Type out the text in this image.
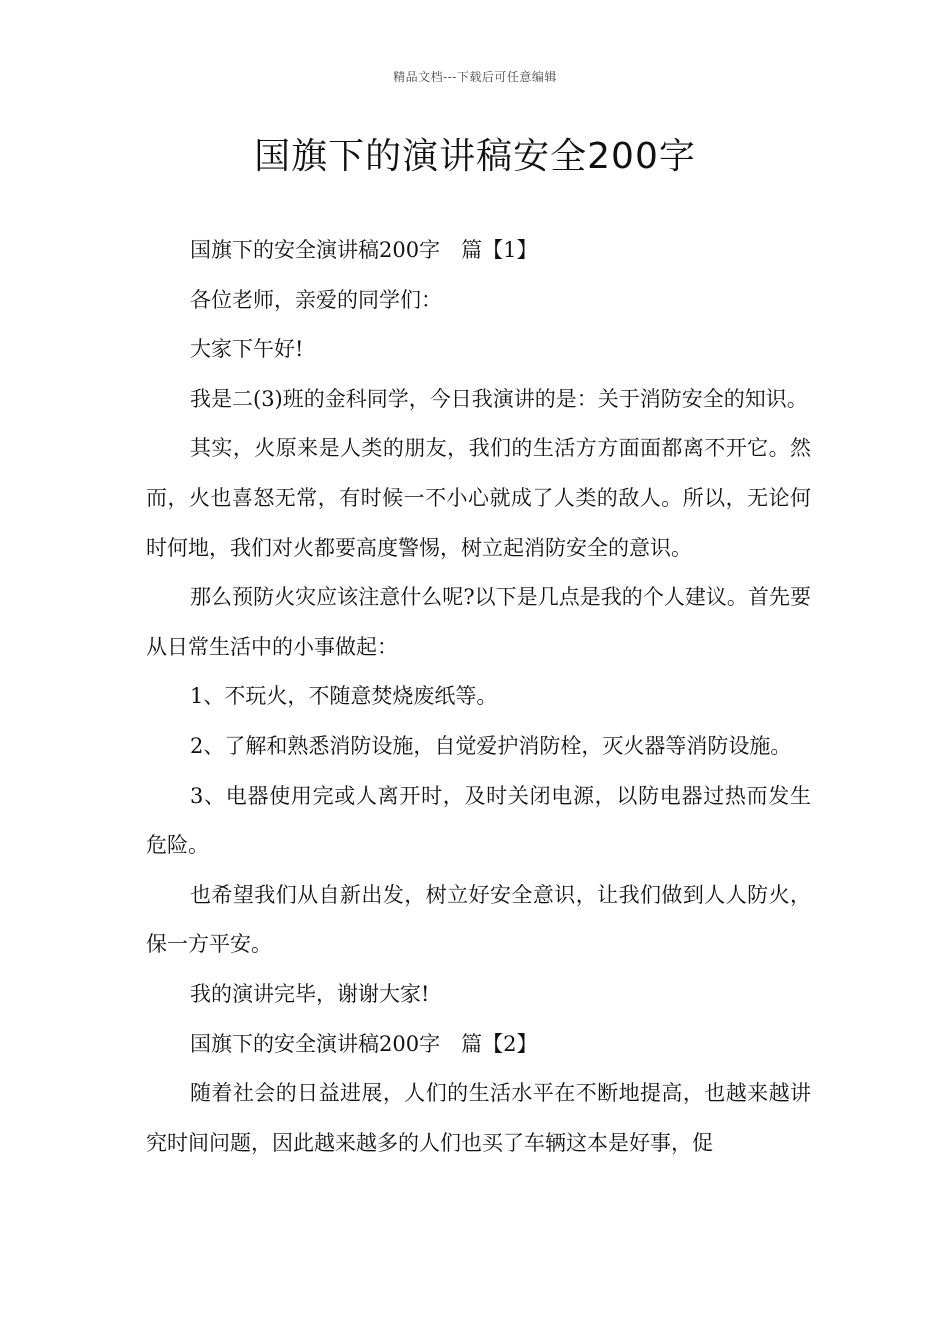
精品文档---下载后可任意编辑
国旗下的演讲稿安全200字

国旗下的安全演讲稿200字　篇【1】

各位老师，亲爱的同学们：

大家下午好!

我是二(3)班的金科同学，今日我演讲的是：关于消防安全的知识。

其实，火原来是人类的朋友，我们的生活方方面面都离不开它。然而，火也喜怒无常，有时候一不小心就成了人类的敌人。所以，无论何时何地，我们对火都要高度警惕，树立起消防安全的意识。

那么预防火灾应该注意什么呢?以下是几点是我的个人建议。首先要从日常生活中的小事做起：

1、不玩火，不随意焚烧废纸等。

2、了解和熟悉消防设施，自觉爱护消防栓，灭火器等消防设施。

3、电器使用完或人离开时，及时关闭电源，以防电器过热而发生危险。

也希望我们从自新出发，树立好安全意识，让我们做到人人防火，保一方平安。

我的演讲完毕，谢谢大家!

国旗下的安全演讲稿200字　篇【2】

随着社会的日益进展，人们的生活水平在不断地提高，也越来越讲究时间问题，因此越来越多的人们也买了车辆这本是好事，促
